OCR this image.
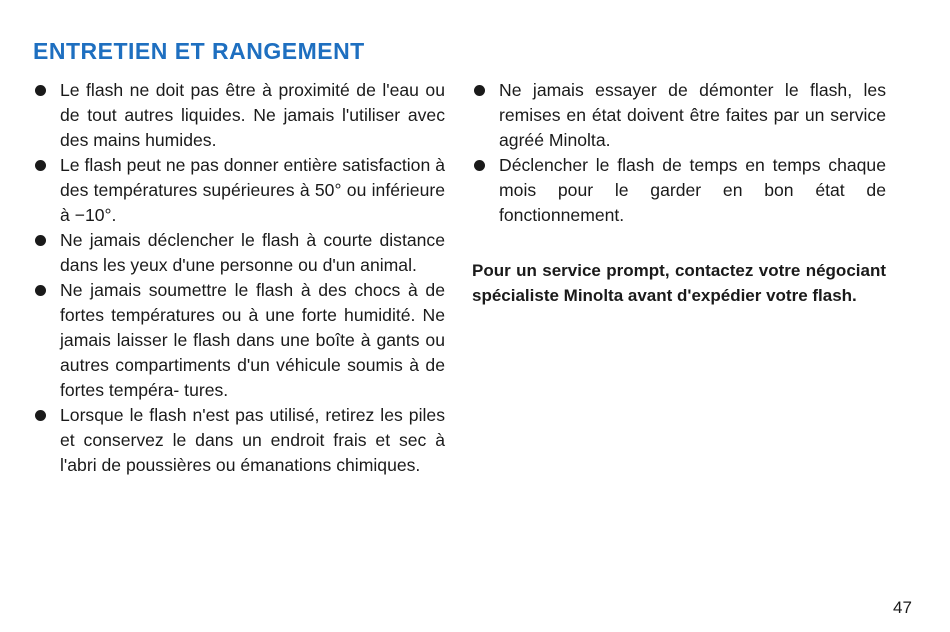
ENTRETIEN ET RANGEMENT
Le flash ne doit pas être à proximité de l'eau ou de tout autres liquides. Ne jamais l'utiliser avec des mains humides.
Le flash peut ne pas donner entière satisfaction à des températures supérieures à 50° ou inférieure à −10°.
Ne jamais déclencher le flash à courte distance dans les yeux d'une personne ou d'un animal.
Ne jamais soumettre le flash à des chocs à de fortes températures ou à une forte humidité. Ne jamais laisser le flash dans une boîte à gants ou autres compartiments d'un véhicule soumis à de fortes tempéra- tures.
Lorsque le flash n'est pas utilisé, retirez les piles et conservez le dans un endroit frais et sec à l'abri de poussières ou émanations chimiques.
Ne jamais essayer de démonter le flash, les remises en état doivent être faites par un service agréé Minolta.
Déclencher le flash de temps en temps chaque mois pour le garder en bon état de fonctionnement.

Pour un service prompt, contactez votre négociant spécialiste Minolta avant d'expédier votre flash.

47
